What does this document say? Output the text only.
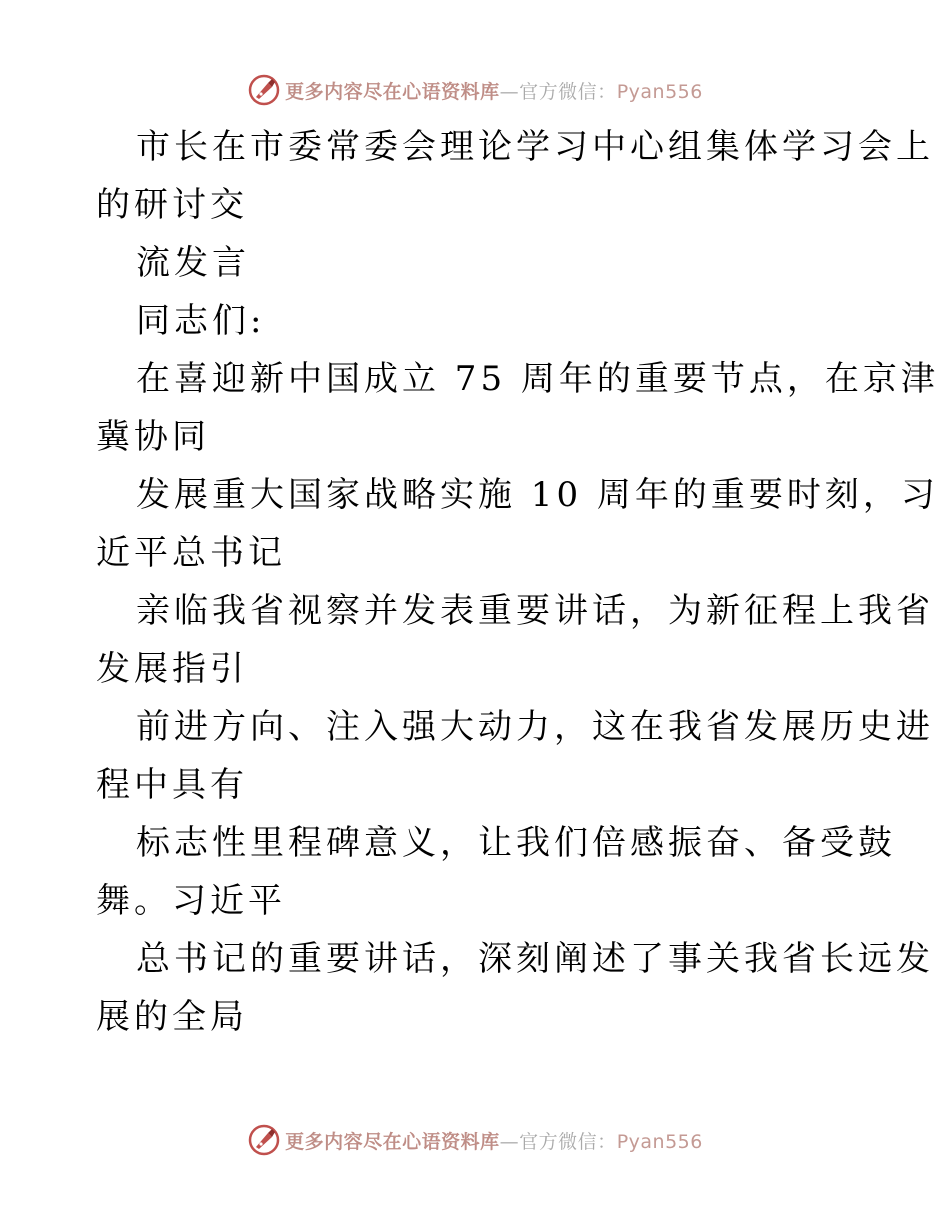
更多内容尽在心语资料库—官方微信：Pyan556
市长在市委常委会理论学习中心组集体学习会上
的研讨交
流发言
同志们:
在喜迎新中国成立 75 周年的重要节点，在京津
冀协同
发展重大国家战略实施 10 周年的重要时刻，习
近平总书记
亲临我省视察并发表重要讲话，为新征程上我省
发展指引
前进方向、注入强大动力，这在我省发展历史进
程中具有
标志性里程碑意义，让我们倍感振奋、备受鼓
舞。习近平
总书记的重要讲话，深刻阐述了事关我省长远发
展的全局
更多内容尽在心语资料库—官方微信：Pyan556
